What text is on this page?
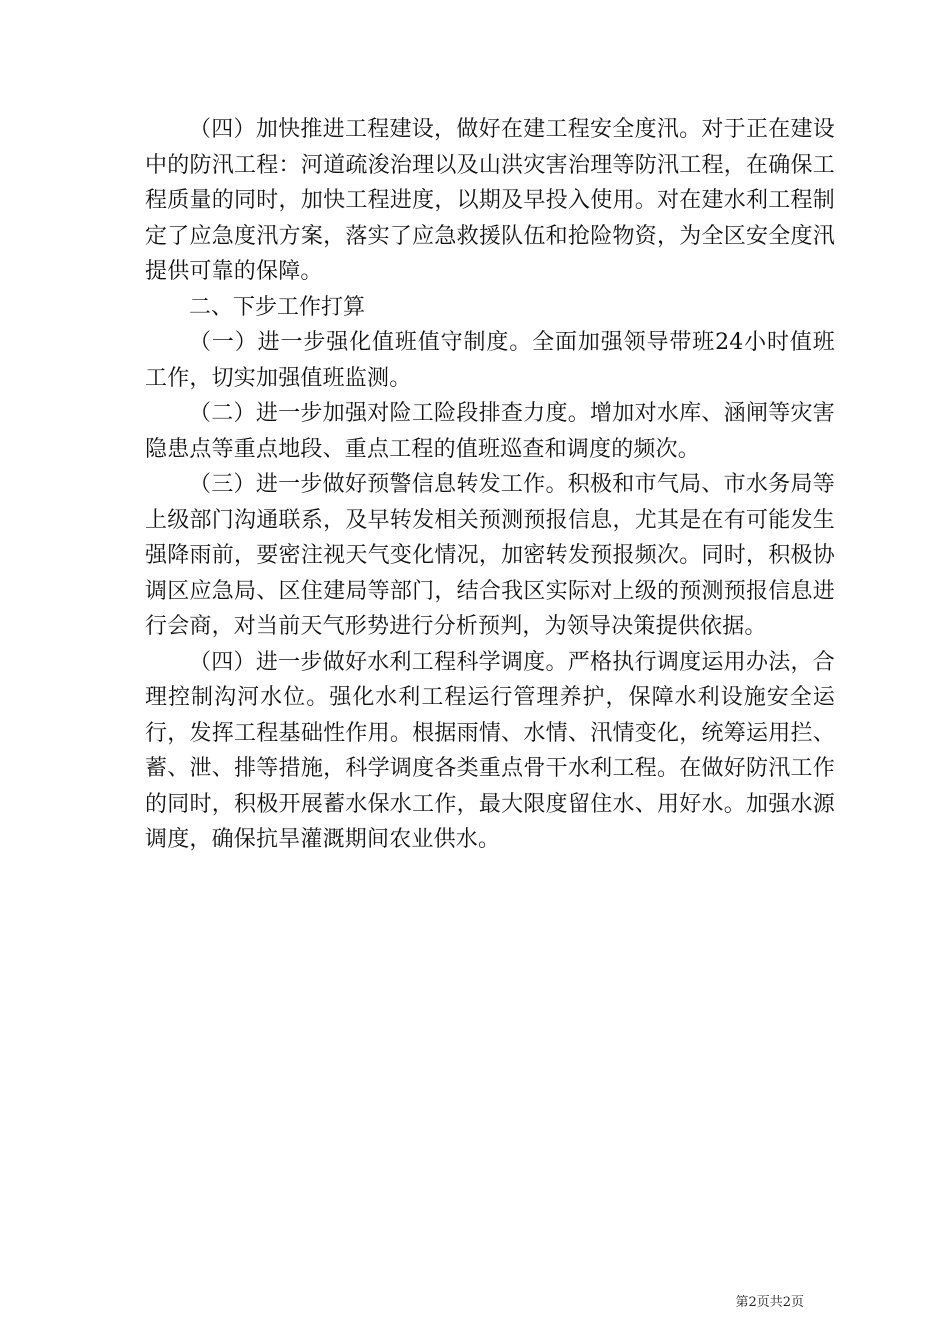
（四）加快推进工程建设，做好在建工程安全度汛。对于正在建设中的防汛工程：河道疏浚治理以及山洪灾害治理等防汛工程，在确保工程质量的同时，加快工程进度，以期及早投入使用。对在建水利工程制定了应急度汛方案，落实了应急救援队伍和抢险物资，为全区安全度汛提供可靠的保障。

二、下步工作打算

（一）进一步强化值班值守制度。全面加强领导带班24小时值班工作，切实加强值班监测。

（二）进一步加强对险工险段排查力度。增加对水库、涵闸等灾害隐患点等重点地段、重点工程的值班巡查和调度的频次。

（三）进一步做好预警信息转发工作。积极和市气局、市水务局等上级部门沟通联系，及早转发相关预测预报信息，尤其是在有可能发生强降雨前，要密注视天气变化情况，加密转发预报频次。同时，积极协调区应急局、区住建局等部门，结合我区实际对上级的预测预报信息进行会商，对当前天气形势进行分析预判，为领导决策提供依据。

（四）进一步做好水利工程科学调度。严格执行调度运用办法，合理控制沟河水位。强化水利工程运行管理养护，保障水利设施安全运行，发挥工程基础性作用。根据雨情、水情、汛情变化，统筹运用拦、蓄、泄、排等措施，科学调度各类重点骨干水利工程。在做好防汛工作的同时，积极开展蓄水保水工作，最大限度留住水、用好水。加强水源调度，确保抗旱灌溉期间农业供水。

第2页共2页
